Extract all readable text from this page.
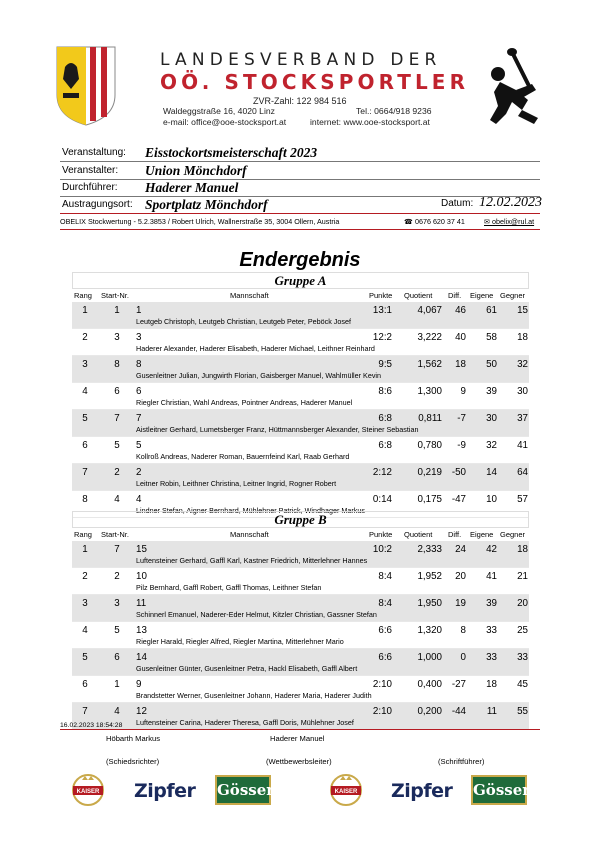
LANDESVERBAND DER
OÖ. STOCKSPORTLER
ZVR-Zahl: 122 984 516
Waldeggstraße 16, 4020 Linz	Tel.: 0664/918 9236
e-mail: office@ooe-stocksport.at	internet: www.ooe-stocksport.at
Veranstaltung: Eisstockortsmeisterschaft 2023
Veranstalter: Union Mönchdorf
Durchführer: Haderer Manuel
Austragungsort: Sportplatz Mönchdorf	Datum: 12.02.2023
OBELIX Stockwertung - 5.2.3853 / Robert Ulrich, Wallnerstraße 35, 3004 Ollern, Austria	☎ 0676 620 37 41	✉ obelix@rul.at
Endergebnis
Gruppe A
Rang Start-Nr.	Mannschaft	Punkte Quotient Diff. Eigene Gegner
1	1	1	13:1	4,067	46	61	15
Leutgeb Christoph, Leutgeb Christian, Leutgeb Peter, Peböck Josef
2	3	3	12:2	3,222	40	58	18
Haderer Alexander, Haderer Elisabeth, Haderer Michael, Leithner Reinhard
3	8	8	9:5	1,562	18	50	32
Gusenleitner Julian, Jungwirth Florian, Gaisberger Manuel, Wahlmüller Kevin
4	6	6	8:6	1,300	9	39	30
Riegler Christian, Wahl Andreas, Pointner Andreas, Haderer Manuel
5	7	7	6:8	0,811	-7	30	37
Aistleitner Gerhard, Lumetsberger Franz, Hüttmannsberger Alexander, Steiner Sebastian
6	5	5	6:8	0,780	-9	32	41
Kollroß Andreas, Naderer Roman, Bauernfeind Karl, Raab Gerhard
7	2	2	2:12	0,219	-50	14	64
Leitner Robin, Leithner Christina, Leitner Ingrid, Rogner Robert
8	4	4	0:14	0,175	-47	10	57
Lindner Stefan, Aigner Bernhard, Mühlehner Patrick, Windhager Markus
Gruppe B
Rang Start-Nr.	Mannschaft	Punkte Quotient Diff. Eigene Gegner
1	7	15	10:2	2,333	24	42	18
Luftensteiner Gerhard, Gaffl Karl, Kastner Friedrich, Mitterlehner Hannes
2	2	10	8:4	1,952	20	41	21
Pilz Bernhard, Gaffl Robert, Gaffl Thomas, Leithner Stefan
3	3	11	8:4	1,950	19	39	20
Schinnerl Emanuel, Naderer-Eder Helmut, Kitzler Christian, Gassner Stefan
4	5	13	6:6	1,320	8	33	25
Riegler Harald, Riegler Alfred, Riegler Martina, Mitterlehner Mario
5	6	14	6:6	1,000	0	33	33
Gusenleitner Günter, Gusenleitner Petra, Hackl Elisabeth, Gaffl Albert
6	1	9	2:10	0,400	-27	18	45
Brandstetter Werner, Gusenleitner Johann, Haderer Maria, Haderer Judith
7	4	12	2:10	0,200	-44	11	55
Luftensteiner Carina, Haderer Theresa, Gaffl Doris, Mühlehner Josef
16.02.2023 18:54:28
Höbarth Markus	Haderer Manuel
(Schiedsrichter)	(Wettbewerbsleiter)	(Schriftführer)
KAISER Zipfer Gösser	KAISER Zipfer Gösser
